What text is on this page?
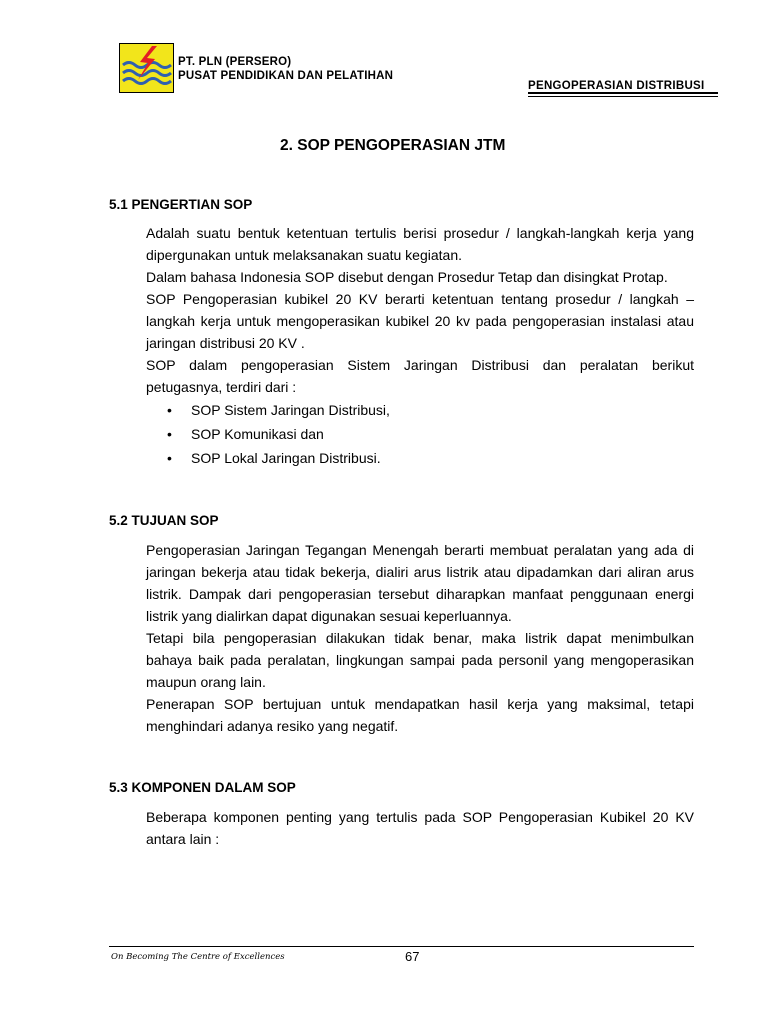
PT. PLN (PERSERO)
PUSAT PENDIDIKAN DAN PELATIHAN
PENGOPERASIAN DISTRIBUSI
2. SOP PENGOPERASIAN JTM
5.1 PENGERTIAN SOP

Adalah suatu bentuk ketentuan tertulis berisi prosedur / langkah-langkah kerja yang dipergunakan untuk melaksanakan suatu kegiatan.

Dalam bahasa Indonesia SOP disebut dengan Prosedur Tetap dan disingkat Protap.

SOP Pengoperasian kubikel 20 KV berarti ketentuan tentang prosedur / langkah – langkah kerja untuk mengoperasikan kubikel 20 kv pada pengoperasian instalasi atau jaringan distribusi 20 KV .

SOP dalam pengoperasian Sistem Jaringan Distribusi dan peralatan berikut petugasnya, terdiri dari :

• SOP Sistem Jaringan Distribusi,
• SOP Komunikasi dan
• SOP Lokal Jaringan Distribusi.
5.2 TUJUAN SOP

Pengoperasian Jaringan Tegangan Menengah berarti membuat peralatan yang ada di jaringan bekerja atau tidak bekerja, dialiri arus listrik atau dipadamkan dari aliran arus listrik. Dampak dari pengoperasian tersebut diharapkan manfaat penggunaan energi listrik yang dialirkan dapat digunakan sesuai keperluannya.

Tetapi bila pengoperasian dilakukan tidak benar, maka listrik dapat menimbulkan bahaya baik pada peralatan, lingkungan sampai pada personil yang mengoperasikan maupun orang lain.

Penerapan SOP bertujuan untuk mendapatkan hasil kerja yang maksimal, tetapi menghindari adanya resiko yang negatif.

5.3 KOMPONEN DALAM SOP

Beberapa komponen penting yang tertulis pada SOP Pengoperasian Kubikel 20 KV antara lain :

On Becoming The Centre of Excellences	67
